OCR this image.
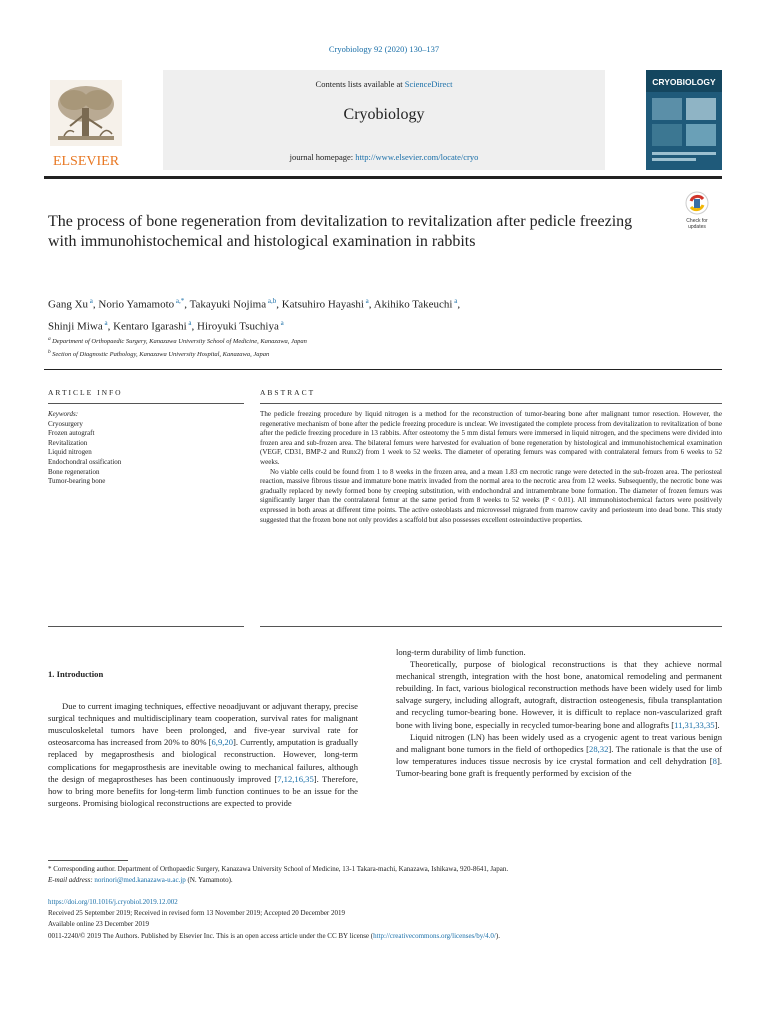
Cryobiology 92 (2020) 130–137
Contents lists available at ScienceDirect
Cryobiology
journal homepage: http://www.elsevier.com/locate/cryo
ELSEVIER
CRYOBIOLOGY
The process of bone regeneration from devitalization to revitalization after pedicle freezing with immunohistochemical and histological examination in rabbits
Check for
updates
Gang Xu $^a$, Norio Yamamoto $^{a,*}$, Takayuki Nojima $^{a,b}$, Katsuhiro Hayashi $^a$, Akihiko Takeuchi $^a$,
Shinji Miwa $^a$, Kentaro Igarashi $^a$, Hiroyuki Tsuchiya $^a$
$^a$ Department of Orthopaedic Surgery, Kanazawa University School of Medicine, Kanazawa, Japan
$^b$ Section of Diagnostic Pathology, Kanazawa University Hospital, Kanazawa, Japan
ARTICLE INFO	ABSTRACT
Keywords:
Cryosurgery
Frozen autograft
Revitalization
Liquid nitrogen
Endochondral ossification
Bone regeneration
Tumor-bearing bone

The pedicle freezing procedure by liquid nitrogen is a method for the reconstruction of tumor-bearing bone after malignant tumor resection. However, the regenerative mechanism of bone after the pedicle freezing procedure is unclear. We investigated the complete process from devitalization to revitalization of bone after the pedicle freezing procedure in 13 rabbits. After osteotomy the 5 mm distal femurs were immersed in liquid nitrogen, and the specimens were divided into frozen area and sub-frozen area. The bilateral femurs were harvested for evaluation of bone regeneration by histological and immunohistochemical examination (VEGF, CD31, BMP-2 and Runx2) from 1 week to 52 weeks. The diameter of operating femurs was compared with contralateral femurs from 6 weeks to 52 weeks.

No viable cells could be found from 1 to 8 weeks in the frozen area, and a mean 1.83 cm necrotic range were detected in the sub-frozen area. The periosteal reaction, massive fibrous tissue and immature bone matrix invaded from the normal area to the necrotic area from 12 weeks. Subsequently, the necrotic bone was gradually replaced by newly formed bone by creeping substitution, with endochondral and intramembrane bone formation. The diameter of frozen femurs was significantly larger than the contralateral femur at the same period from 8 weeks to 52 weeks (P < 0.01). All immunohistochemical factors were positively expressed in both areas at different time points. The active osteoblasts and microvessel migrated from marrow cavity and periosteum into dead bone. This study suggested that the frozen bone not only provides a scaffold but also possesses excellent osteoinductive properties.

1. Introduction

Due to current imaging techniques, effective neoadjuvant or adjuvant therapy, precise surgical techniques and multidisciplinary team cooperation, survival rates for malignant musculoskeletal tumors have been prolonged, and five-year survival rate for osteosarcoma has increased from 20% to 80% [6,9,20]. Currently, amputation is gradually replaced by megaprosthesis and biological reconstruction. However, long-term complications for megaprosthesis are inevitable owing to mechanical failures, although the design of megaprostheses has been continuously improved [7,12,16,35]. Therefore, how to bring more benefits for long-term limb function continues to be an issue for the surgeons. Promising biological reconstructions are expected to provide

long-term durability of limb function.

Theoretically, purpose of biological reconstructions is that they achieve normal mechanical strength, integration with the host bone, anatomical remodeling and permanent rebuilding. In fact, various biological reconstruction methods have been widely used for limb salvage surgery, including allograft, autograft, distraction osteogenesis, fibula transplantation and recycling tumor-bearing bone. However, it is difficult to replace non-vascularized graft bone with living bone, especially in recycled tumor-bearing bone and allografts [11,31,33,35].

Liquid nitrogen (LN) has been widely used as a cryogenic agent to treat various benign and malignant bone tumors in the field of orthopedics [28,32]. The rationale is that the use of low temperatures induces tissue necrosis by ice crystal formation and cell dehydration [8]. Tumor-bearing bone graft is frequently performed by excision of the

* Corresponding author. Department of Orthopaedic Surgery, Kanazawa University School of Medicine, 13-1 Takara-machi, Kanazawa, Ishikawa, 920-8641, Japan.
E-mail address: norinori@med.kanazawa-u.ac.jp (N. Yamamoto).
https://doi.org/10.1016/j.cryobiol.2019.12.002
Received 25 September 2019; Received in revised form 13 November 2019; Accepted 20 December 2019
Available online 23 December 2019
0011-2240/© 2019 The Authors. Published by Elsevier Inc. This is an open access article under the CC BY license (http://creativecommons.org/licenses/by/4.0/).
